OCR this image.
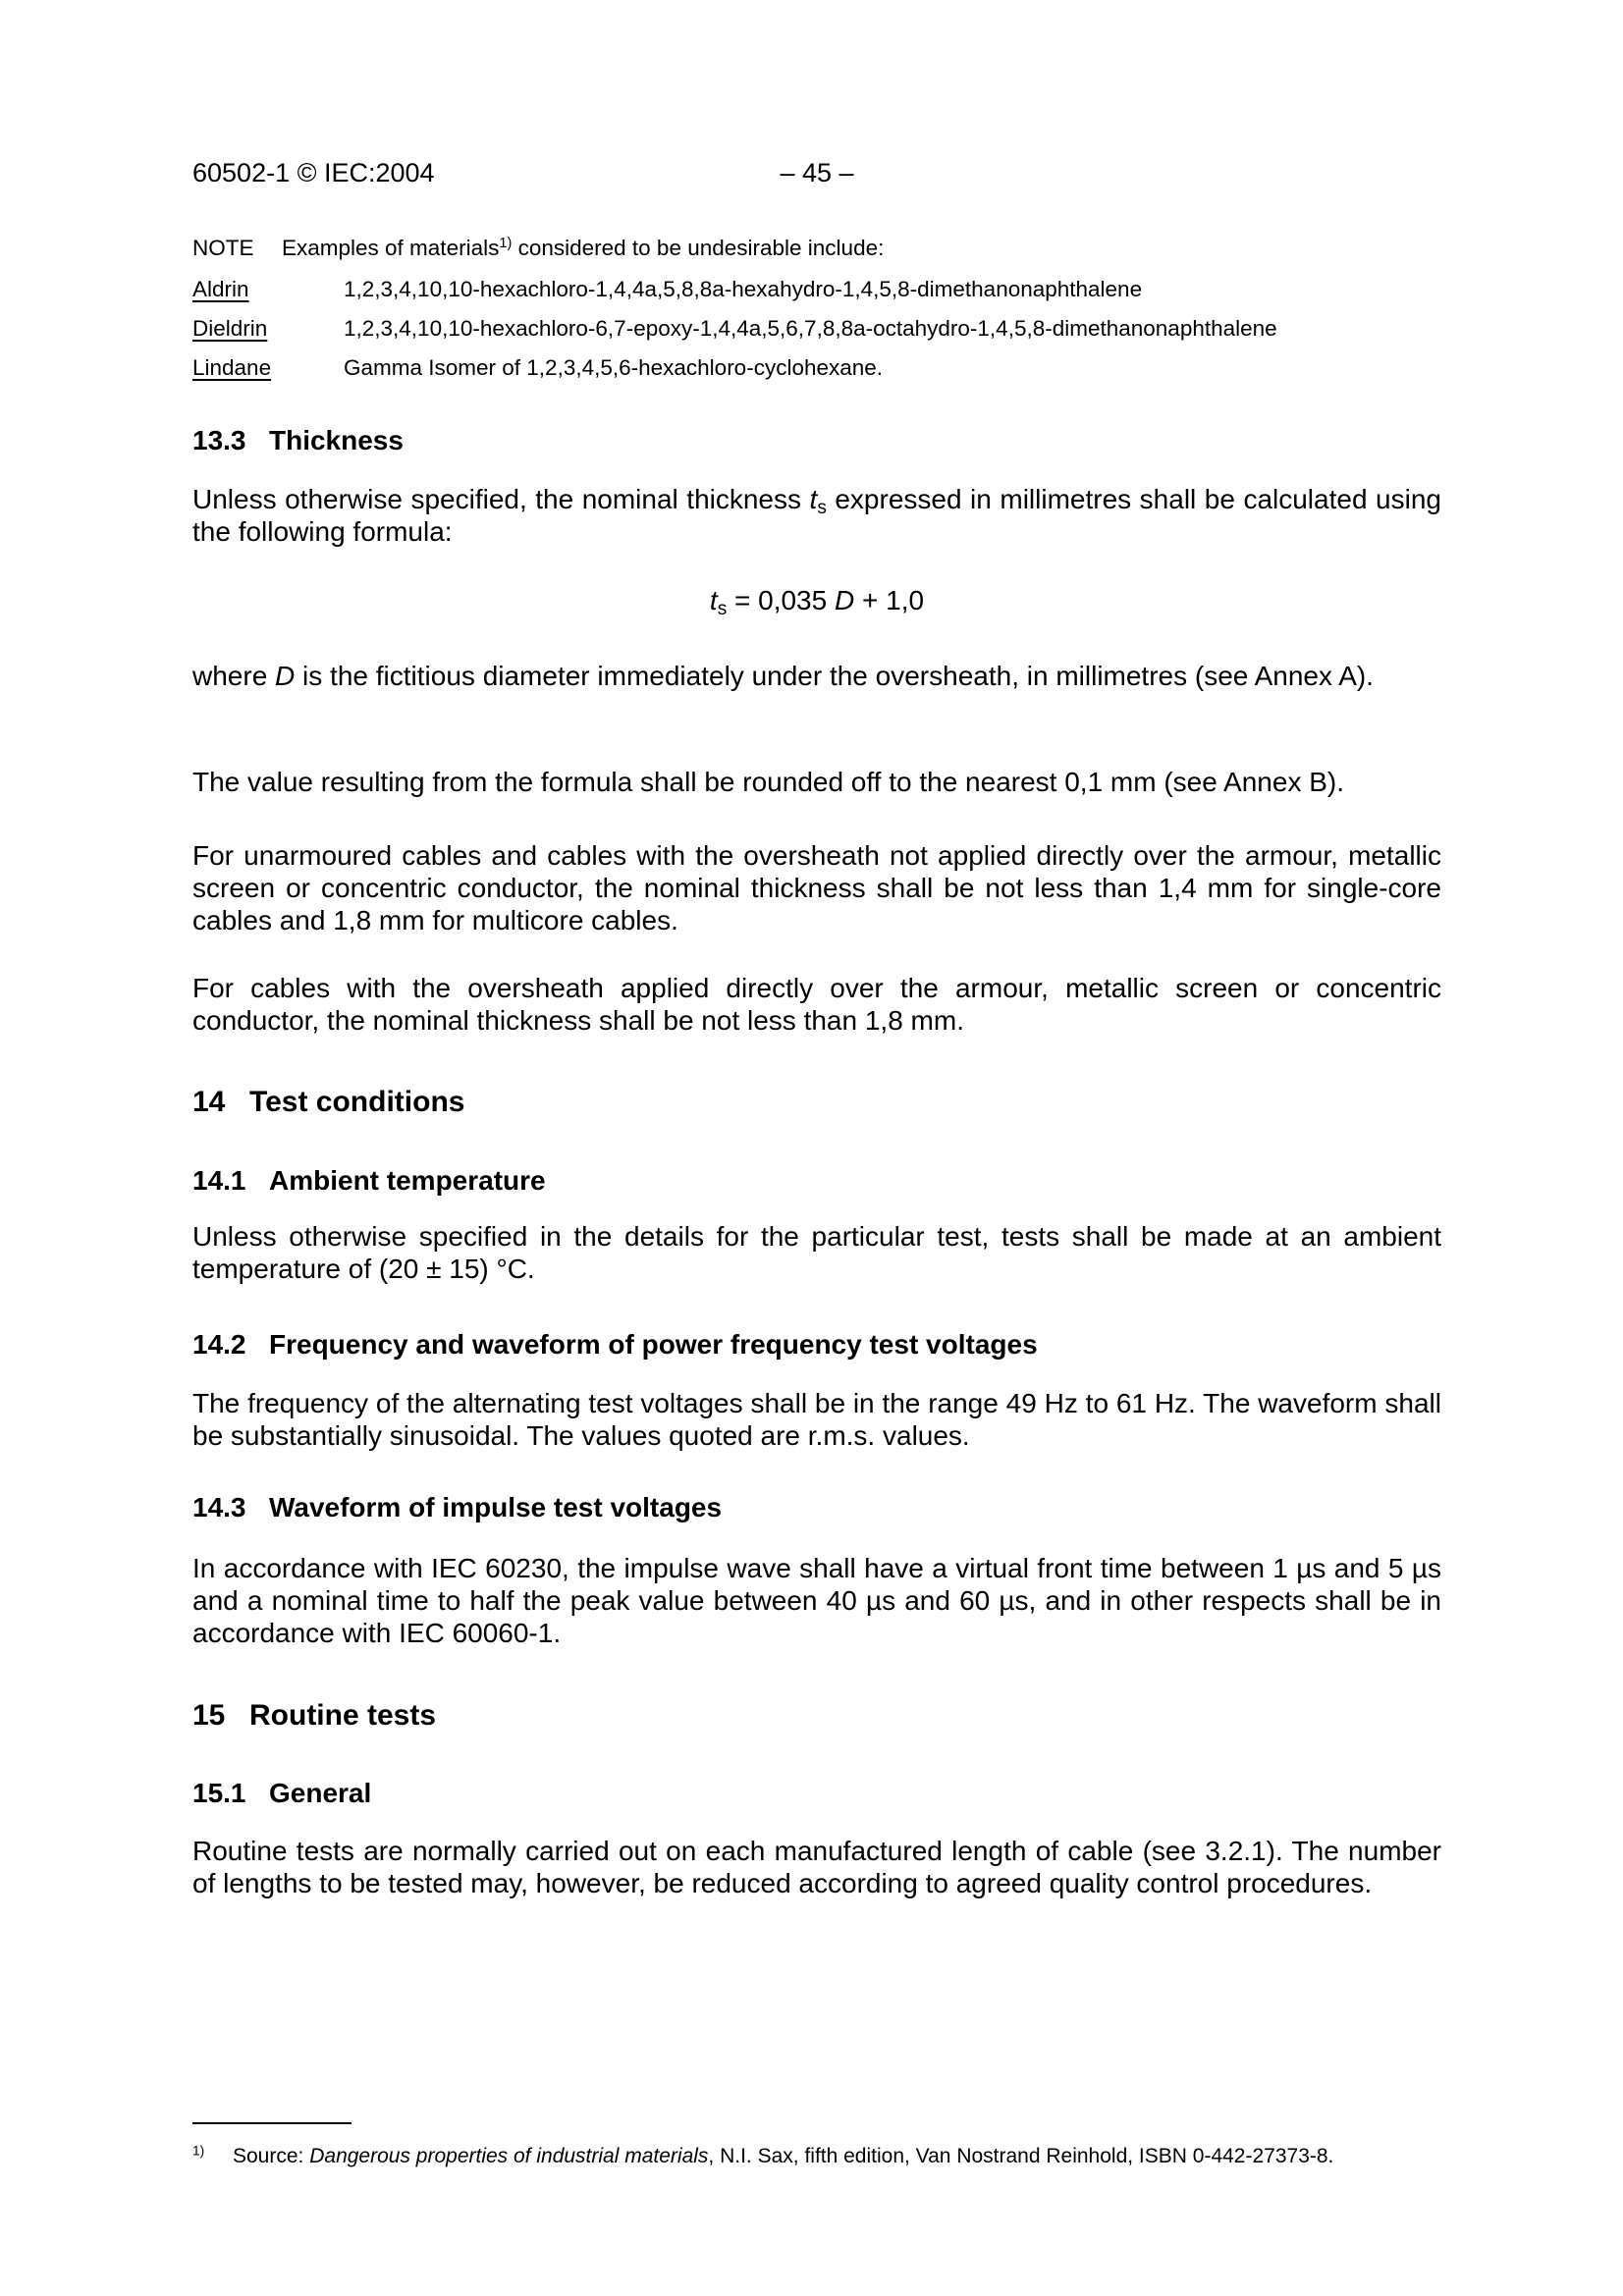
60502-1 © IEC:2004	– 45 –
NOTE	Examples of materials$^{1)}$ considered to be undesirable include:
Aldrin	1,2,3,4,10,10-hexachloro-1,4,4a,5,8,8a-hexahydro-1,4,5,8-dimethanonaphthalene
Dieldrin	1,2,3,4,10,10-hexachloro-6,7-epoxy-1,4,4a,5,6,7,8,8a-octahydro-1,4,5,8-dimethanonaphthalene
Lindane	Gamma Isomer of 1,2,3,4,5,6-hexachloro-cyclohexane.
13.3 Thickness

Unless otherwise specified, the nominal thickness $t_s$ expressed in millimetres shall be calculated using the following formula:

$t_s = 0,035$ D + 1,0

where D is the fictitious diameter immediately under the oversheath, in millimetres (see Annex A).

The value resulting from the formula shall be rounded off to the nearest 0,1 mm (see Annex B).

For unarmoured cables and cables with the oversheath not applied directly over the armour, metallic screen or concentric conductor, the nominal thickness shall be not less than 1,4 mm for single-core cables and 1,8 mm for multicore cables.

For cables with the oversheath applied directly over the armour, metallic screen or concentric conductor, the nominal thickness shall be not less than 1,8 mm.

14 Test conditions
14.1 Ambient temperature

Unless otherwise specified in the details for the particular test, tests shall be made at an ambient temperature of (20 ± 15) °C.

14.2 Frequency and waveform of power frequency test voltages

The frequency of the alternating test voltages shall be in the range 49 Hz to 61 Hz. The waveform shall be substantially sinusoidal. The values quoted are r.m.s. values.

14.3 Waveform of impulse test voltages

In accordance with IEC 60230, the impulse wave shall have a virtual front time between 1 µs and 5 µs and a nominal time to half the peak value between 40 µs and 60 µs, and in other respects shall be in accordance with IEC 60060-1.

15 Routine tests
15.1 General

Routine tests are normally carried out on each manufactured length of cable (see 3.2.1). The number of lengths to be tested may, however, be reduced according to agreed quality control procedures.

$^{1)}$	Source: Dangerous properties of industrial materials, N.I. Sax, fifth edition, Van Nostrand Reinhold, ISBN 0-442-27373-8.
